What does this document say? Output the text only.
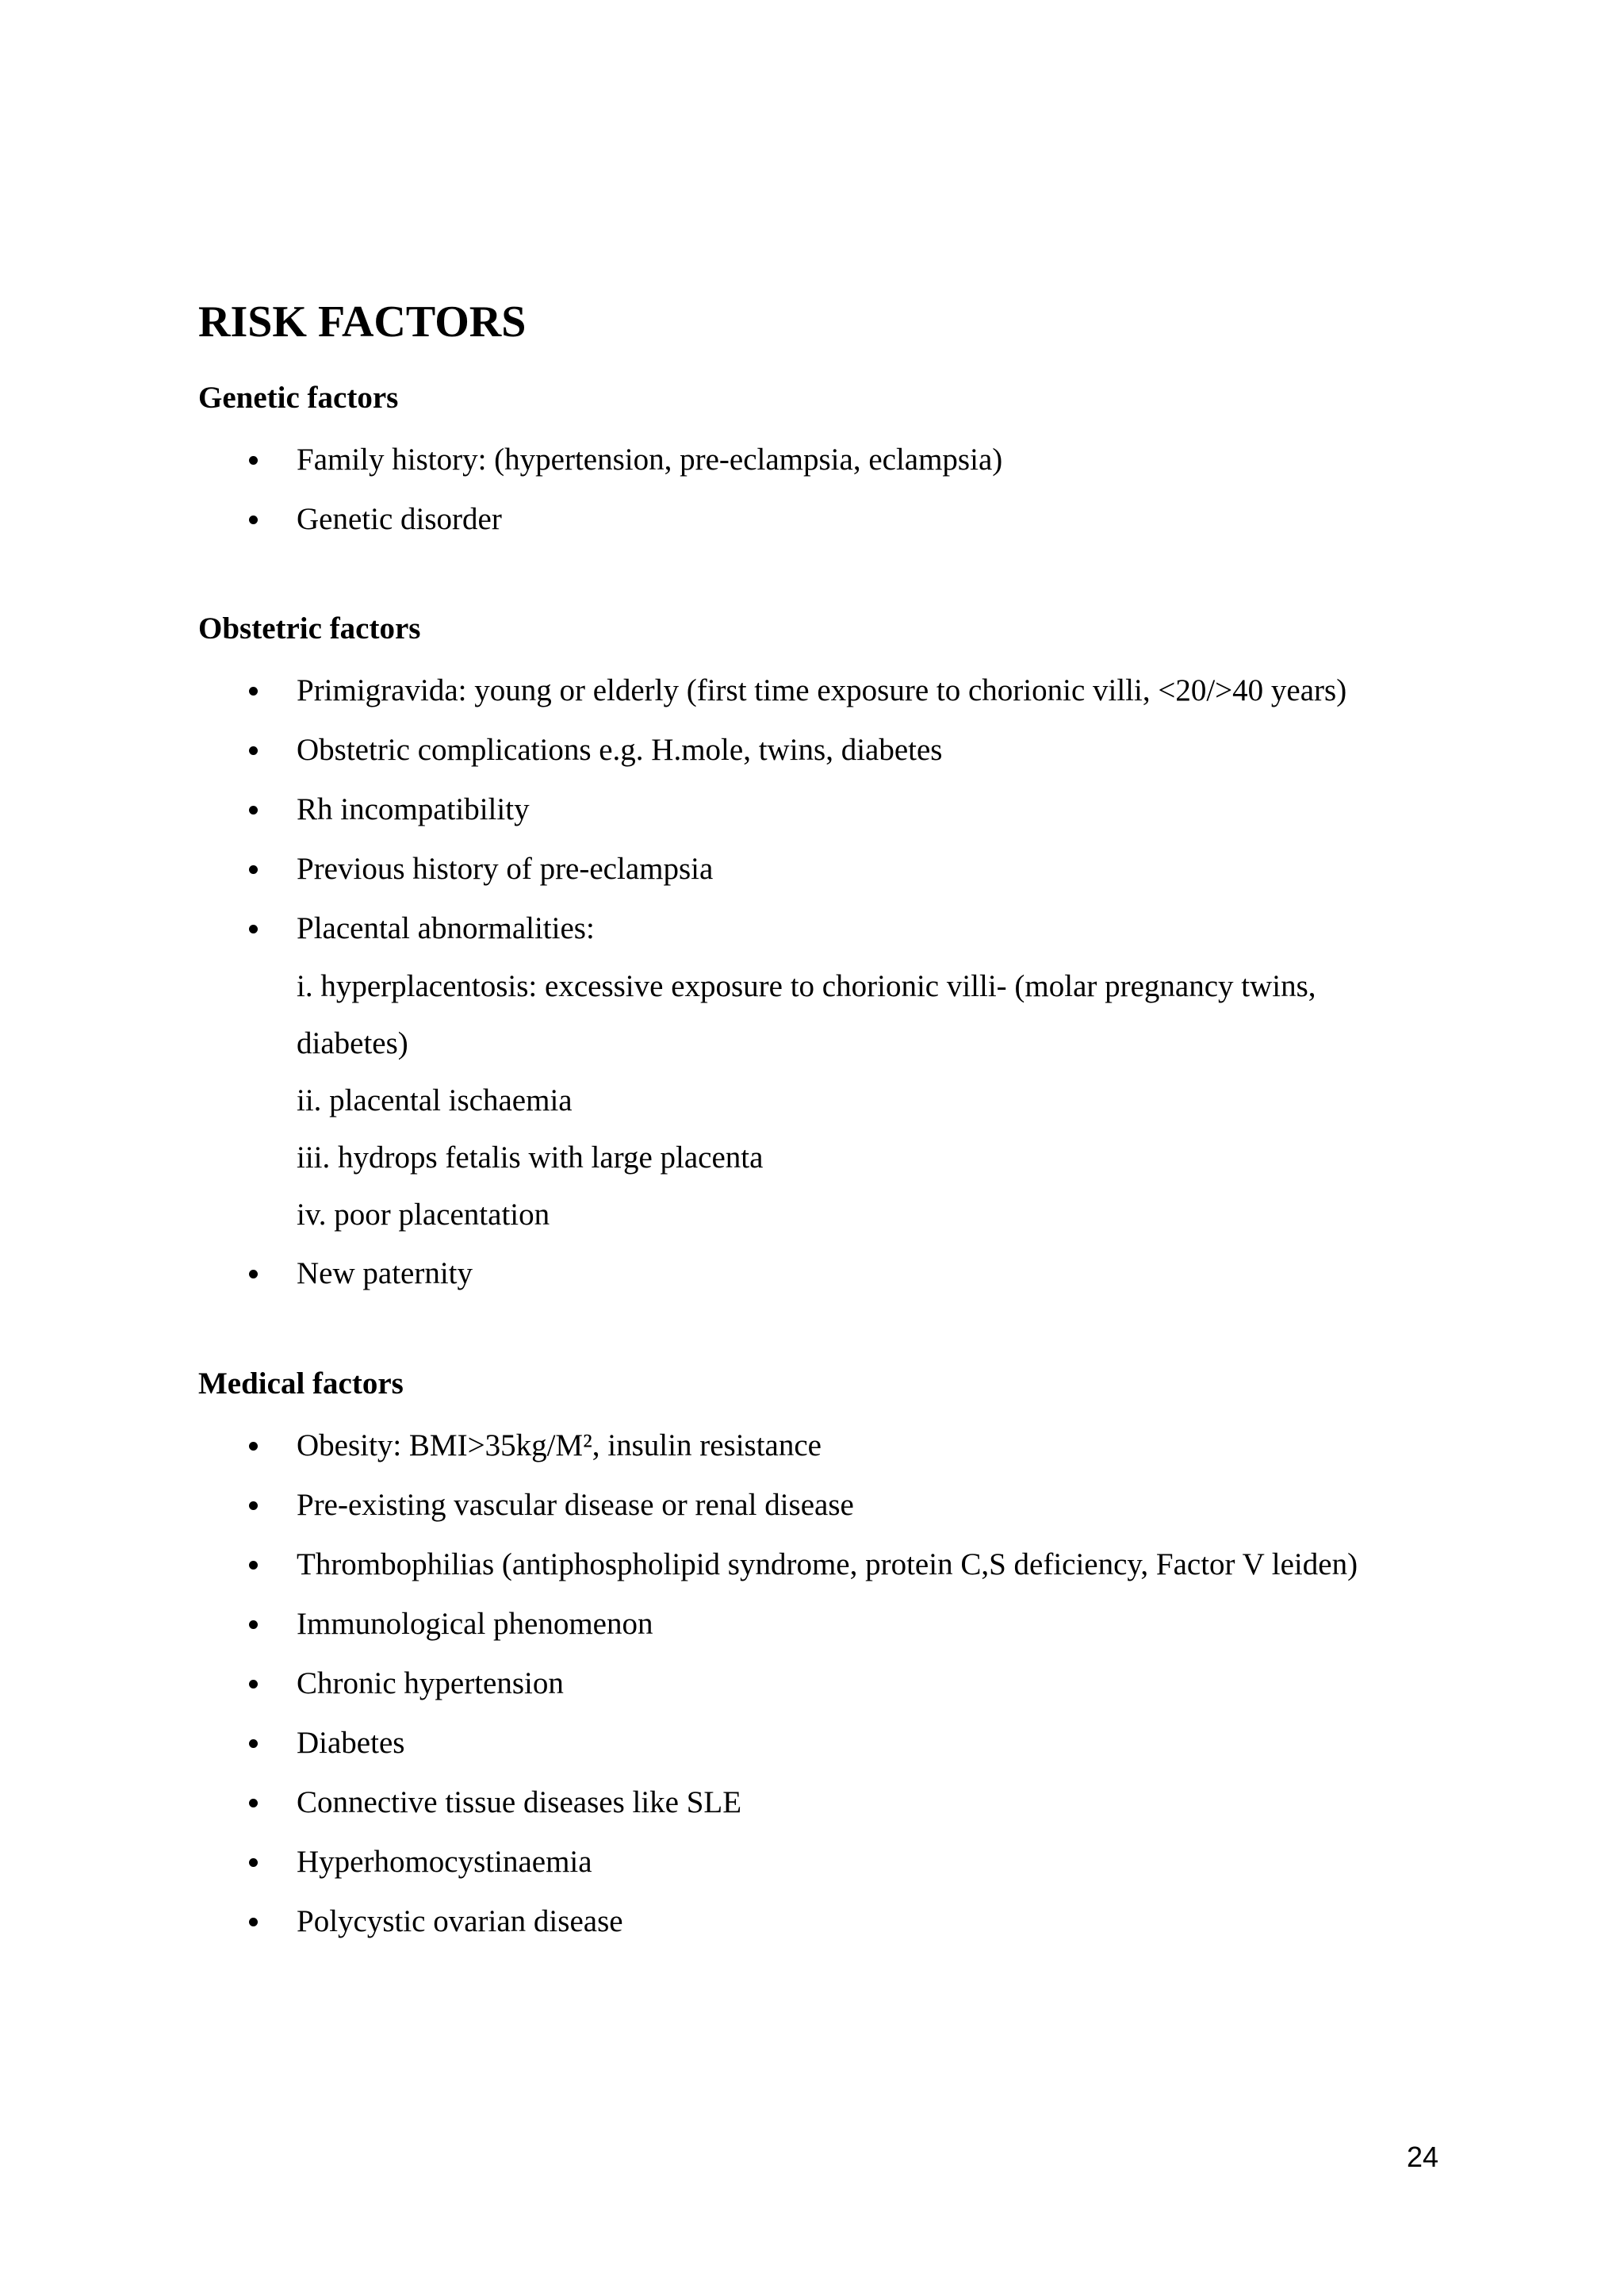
RISK FACTORS
Genetic factors
Family history: (hypertension, pre-eclampsia, eclampsia)
Genetic disorder
Obstetric factors
Primigravida: young or elderly (first time exposure to chorionic villi, <20/>40 years)
Obstetric complications e.g. H.mole, twins, diabetes
Rh incompatibility
Previous history of pre-eclampsia
Placental abnormalities:
i. hyperplacentosis: excessive exposure to chorionic villi- (molar pregnancy twins,
diabetes)
ii. placental ischaemia
iii. hydrops fetalis with large placenta
iv. poor placentation
New paternity
Medical factors
Obesity: BMI>35kg/M², insulin resistance
Pre-existing vascular disease or renal disease
Thrombophilias (antiphospholipid syndrome, protein C,S deficiency, Factor V leiden)
Immunological phenomenon
Chronic hypertension
Diabetes
Connective tissue diseases like SLE
Hyperhomocystinaemia
Polycystic ovarian disease
24
